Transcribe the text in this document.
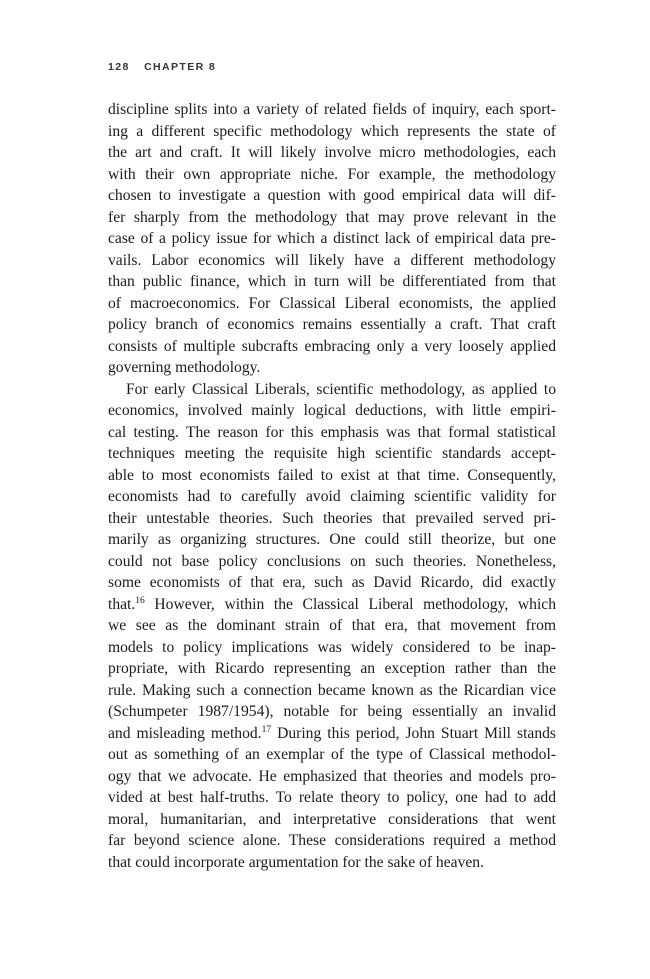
128 CHAPTER 8
discipline splits into a variety of related fields of inquiry, each sport-
ing a different specific methodology which represents the state of
the art and craft. It will likely involve micro methodologies, each
with their own appropriate niche. For example, the methodology
chosen to investigate a question with good empirical data will dif-
fer sharply from the methodology that may prove relevant in the
case of a policy issue for which a distinct lack of empirical data pre-
vails. Labor economics will likely have a different methodology
than public finance, which in turn will be differentiated from that
of macroeconomics. For Classical Liberal economists, the applied
policy branch of economics remains essentially a craft. That craft
consists of multiple subcrafts embracing only a very loosely applied
governing methodology.
For early Classical Liberals, scientific methodology, as applied to
economics, involved mainly logical deductions, with little empiri-
cal testing. The reason for this emphasis was that formal statistical
techniques meeting the requisite high scientific standards accept-
able to most economists failed to exist at that time. Consequently,
economists had to carefully avoid claiming scientific validity for
their untestable theories. Such theories that prevailed served pri-
marily as organizing structures. One could still theorize, but one
could not base policy conclusions on such theories. Nonetheless,
some economists of that era, such as David Ricardo, did exactly
that.$^{16}$ However, within the Classical Liberal methodology, which
we see as the dominant strain of that era, that movement from
models to policy implications was widely considered to be inap-
propriate, with Ricardo representing an exception rather than the
rule. Making such a connection became known as the Ricardian vice
(Schumpeter 1987/1954), notable for being essentially an invalid
and misleading method.$^{17}$ During this period, John Stuart Mill stands
out as something of an exemplar of the type of Classical methodol-
ogy that we advocate. He emphasized that theories and models pro-
vided at best half-truths. To relate theory to policy, one had to add
moral, humanitarian, and interpretative considerations that went
far beyond science alone. These considerations required a method
that could incorporate argumentation for the sake of heaven.
